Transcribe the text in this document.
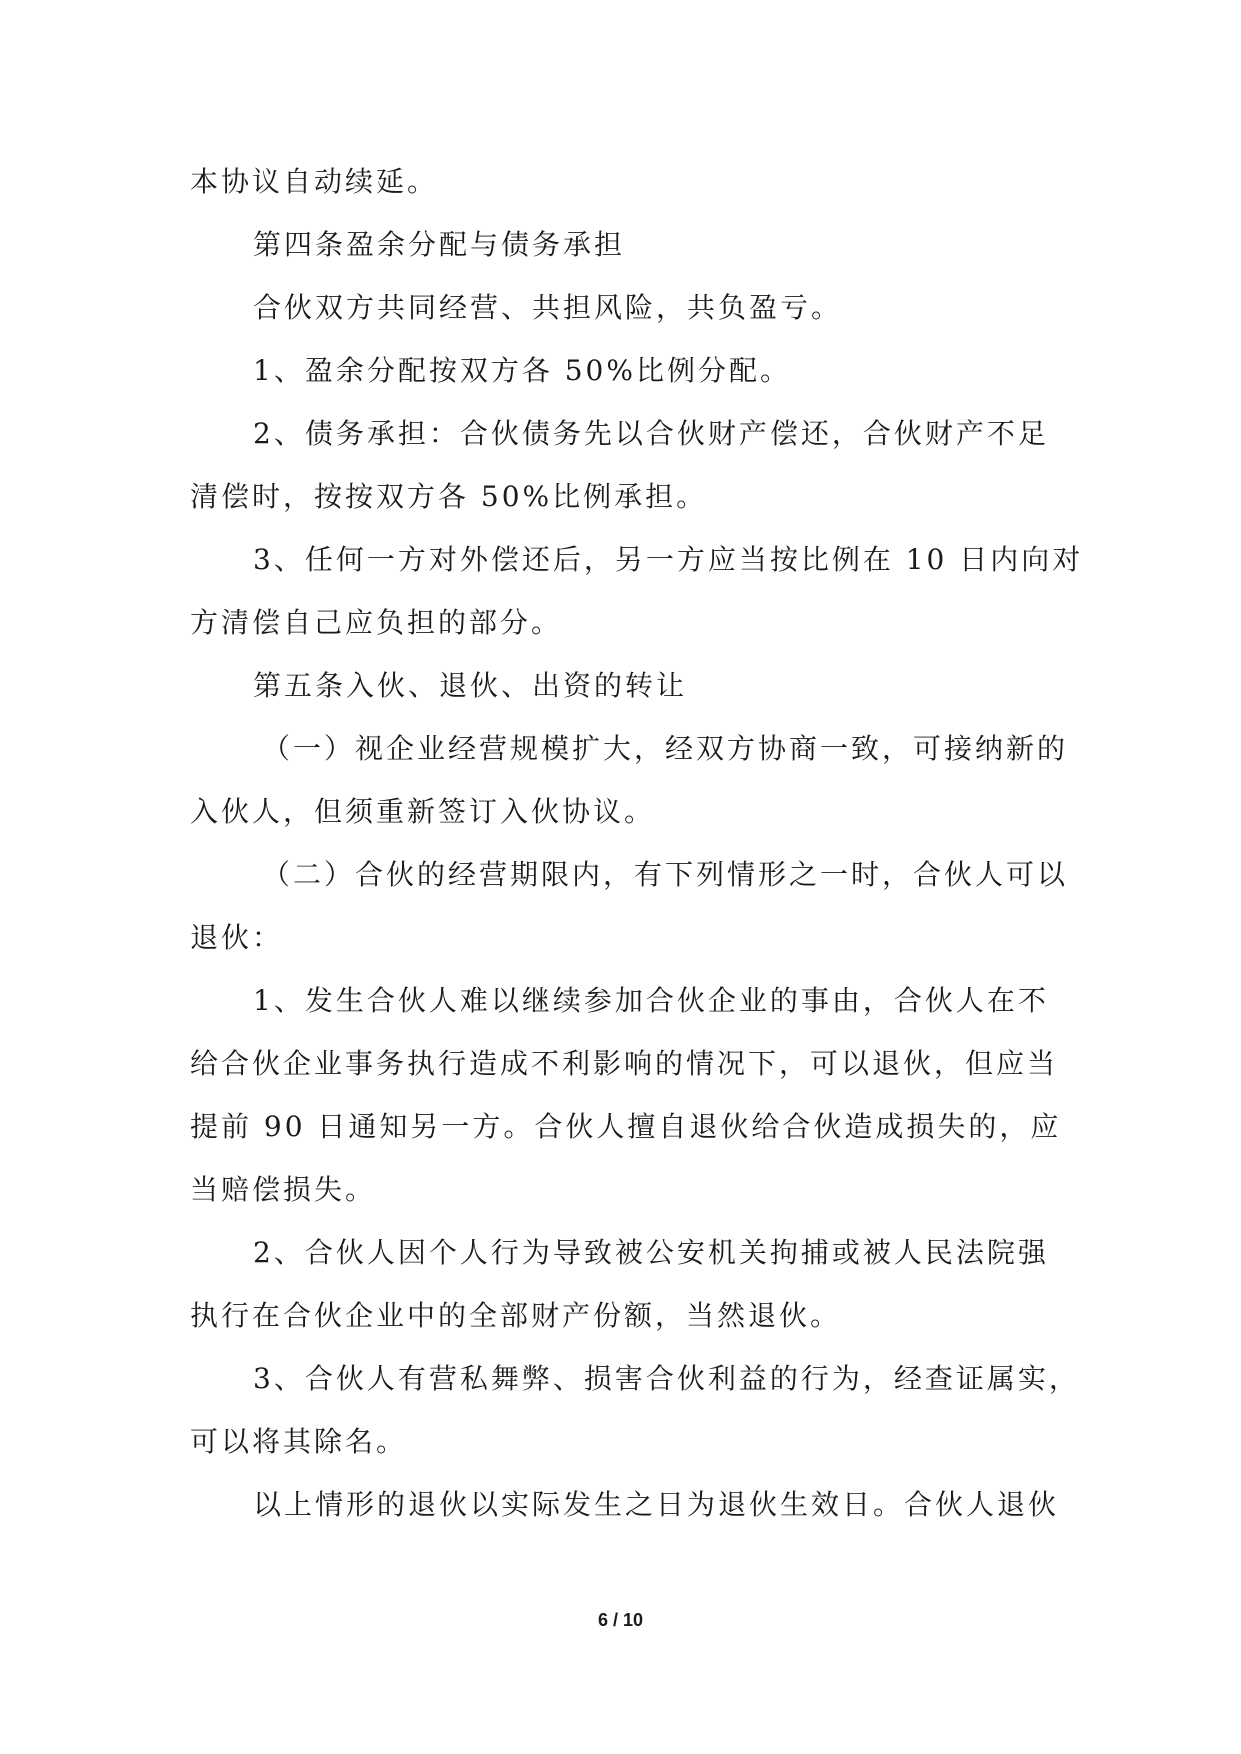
本协议自动续延。
第四条盈余分配与债务承担
合伙双方共同经营、共担风险，共负盈亏。
1、盈余分配按双方各 50%比例分配。
2、债务承担：合伙债务先以合伙财产偿还，合伙财产不足
清偿时，按按双方各 50%比例承担。
3、任何一方对外偿还后，另一方应当按比例在 10 日内向对
方清偿自己应负担的部分。
第五条入伙、退伙、出资的转让
（一）视企业经营规模扩大，经双方协商一致，可接纳新的
入伙人，但须重新签订入伙协议。
（二）合伙的经营期限内，有下列情形之一时，合伙人可以
退伙：
1、发生合伙人难以继续参加合伙企业的事由，合伙人在不
给合伙企业事务执行造成不利影响的情况下，可以退伙，但应当
提前 90 日通知另一方。合伙人擅自退伙给合伙造成损失的，应
当赔偿损失。
2、合伙人因个人行为导致被公安机关拘捕或被人民法院强
执行在合伙企业中的全部财产份额，当然退伙。
3、合伙人有营私舞弊、损害合伙利益的行为，经查证属实，
可以将其除名。
以上情形的退伙以实际发生之日为退伙生效日。合伙人退伙
6 / 10
